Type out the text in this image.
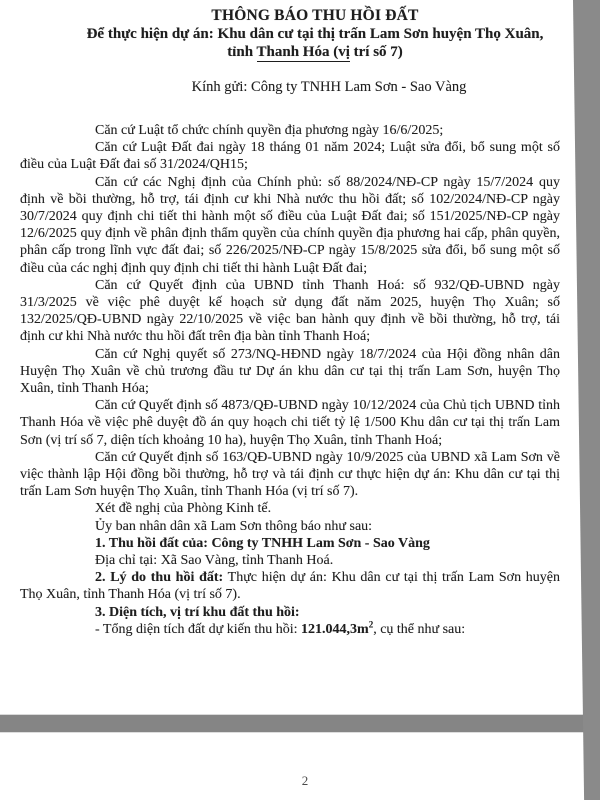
THÔNG BÁO THU HỒI ĐẤT
Để thực hiện dự án: Khu dân cư tại thị trấn Lam Sơn huyện Thọ Xuân,
tỉnh Thanh Hóa (vị trí số 7)
Kính gửi: Công ty TNHH Lam Sơn - Sao Vàng

Căn cứ Luật tổ chức chính quyền địa phương ngày 16/6/2025;

Căn cứ Luật Đất đai ngày 18 tháng 01 năm 2024; Luật sửa đổi, bổ sung một số điều của Luật Đất đai số 31/2024/QH15;

Căn cứ các Nghị định của Chính phủ: số 88/2024/NĐ-CP ngày 15/7/2024 quy định về bồi thường, hỗ trợ, tái định cư khi Nhà nước thu hồi đất; số 102/2024/NĐ-CP ngày 30/7/2024 quy định chi tiết thi hành một số điều của Luật Đất đai; số 151/2025/NĐ-CP ngày 12/6/2025 quy định về phân định thẩm quyền của chính quyền địa phương hai cấp, phân quyền, phân cấp trong lĩnh vực đất đai; số 226/2025/NĐ-CP ngày 15/8/2025 sửa đổi, bổ sung một số điều của các nghị định quy định chi tiết thi hành Luật Đất đai;

Căn cứ Quyết định của UBND tỉnh Thanh Hoá: số 932/QĐ-UBND ngày 31/3/2025 về việc phê duyệt kế hoạch sử dụng đất năm 2025, huyện Thọ Xuân; số 132/2025/QĐ-UBND ngày 22/10/2025 về việc ban hành quy định về bồi thường, hỗ trợ, tái định cư khi Nhà nước thu hồi đất trên địa bàn tỉnh Thanh Hoá;

Căn cứ Nghị quyết số 273/NQ-HĐND ngày 18/7/2024 của Hội đồng nhân dân Huyện Thọ Xuân về chủ trương đầu tư Dự án khu dân cư tại thị trấn Lam Sơn, huyện Thọ Xuân, tỉnh Thanh Hóa;

Căn cứ Quyết định số 4873/QĐ-UBND ngày 10/12/2024 của Chủ tịch UBND tỉnh Thanh Hóa về việc phê duyệt đồ án quy hoạch chi tiết tỷ lệ 1/500 Khu dân cư tại thị trấn Lam Sơn (vị trí số 7, diện tích khoảng 10 ha), huyện Thọ Xuân, tỉnh Thanh Hoá;

Căn cứ Quyết định số 163/QĐ-UBND ngày 10/9/2025 của UBND xã Lam Sơn về việc thành lập Hội đồng bồi thường, hỗ trợ và tái định cư thực hiện dự án: Khu dân cư tại thị trấn Lam Sơn huyện Thọ Xuân, tỉnh Thanh Hóa (vị trí số 7).

Xét đề nghị của Phòng Kinh tế.

Ủy ban nhân dân xã Lam Sơn thông báo như sau:

1. Thu hồi đất của: Công ty TNHH Lam Sơn - Sao Vàng

Địa chỉ tại: Xã Sao Vàng, tỉnh Thanh Hoá.

2. Lý do thu hồi đất: Thực hiện dự án: Khu dân cư tại thị trấn Lam Sơn huyện Thọ Xuân, tỉnh Thanh Hóa (vị trí số 7).

3. Diện tích, vị trí khu đất thu hồi:

- Tổng diện tích đất dự kiến thu hồi: $121.044,3m^2$, cụ thể như sau:

2
